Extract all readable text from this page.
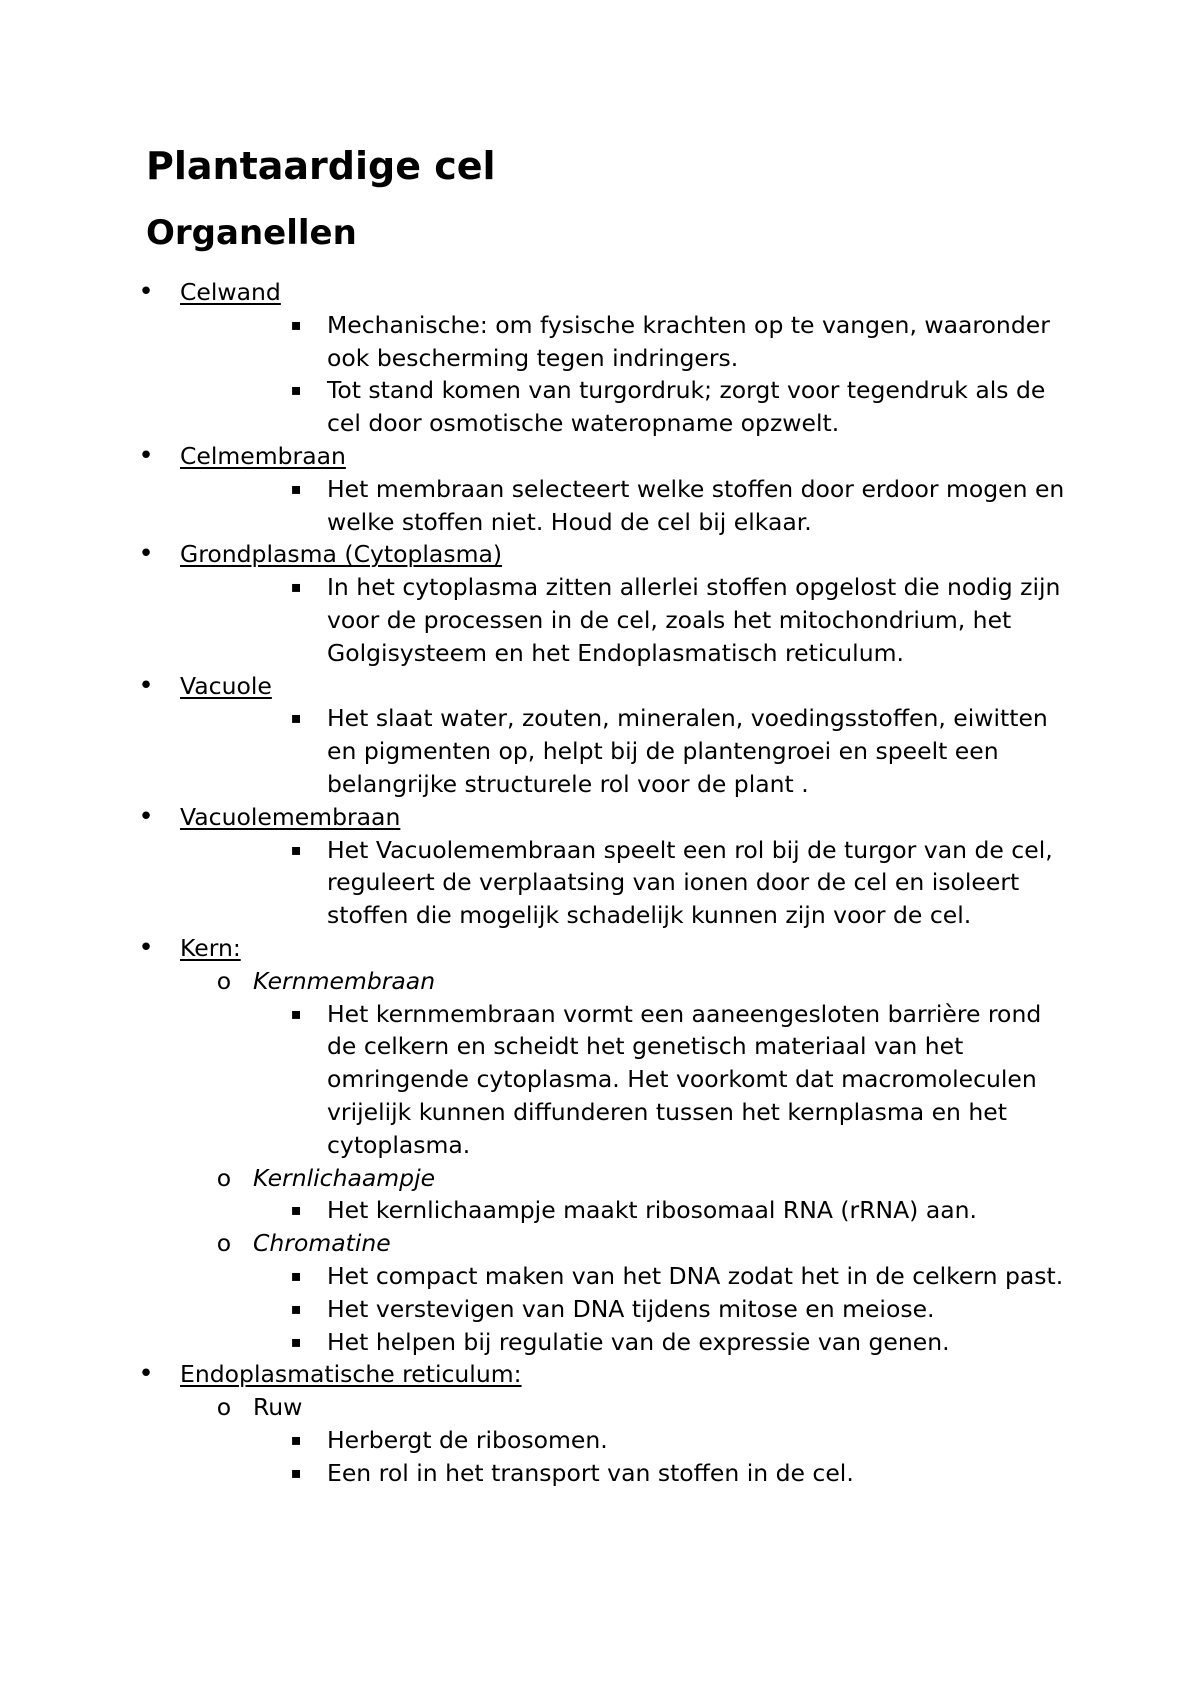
Plantaardige cel
Organellen
• Celwand
▪ Mechanische: om fysische krachten op te vangen, waaronder ook bescherming tegen indringers.
▪ Tot stand komen van turgordruk; zorgt voor tegendruk als de cel door osmotische wateropname opzwelt.
• Celmembraan
▪ Het membraan selecteert welke stoffen door erdoor mogen en welke stoffen niet. Houd de cel bij elkaar.
• Grondplasma (Cytoplasma)
▪ In het cytoplasma zitten allerlei stoffen opgelost die nodig zijn voor de processen in de cel, zoals het mitochondrium, het Golgisysteem en het Endoplasmatisch reticulum.
• Vacuole
▪ Het slaat water, zouten, mineralen, voedingsstoffen, eiwitten en pigmenten op, helpt bij de plantengroei en speelt een belangrijke structurele rol voor de plant .
• Vacuolemembraan
▪ Het Vacuolemembraan speelt een rol bij de turgor van de cel, reguleert de verplaatsing van ionen door de cel en isoleert stoffen die mogelijk schadelijk kunnen zijn voor de cel.
• Kern:
o Kernmembraan
▪ Het kernmembraan vormt een aaneengesloten barrière rond de celkern en scheidt het genetisch materiaal van het omringende cytoplasma. Het voorkomt dat macromoleculen vrijelijk kunnen diffunderen tussen het kernplasma en het cytoplasma.
o Kernlichaampje
▪ Het kernlichaampje maakt ribosomaal RNA (rRNA) aan.
o Chromatine
▪ Het compact maken van het DNA zodat het in de celkern past.
▪ Het verstevigen van DNA tijdens mitose en meiose.
▪ Het helpen bij regulatie van de expressie van genen.
• Endoplasmatische reticulum:
o Ruw
▪ Herbergt de ribosomen.
▪ Een rol in het transport van stoffen in de cel.
